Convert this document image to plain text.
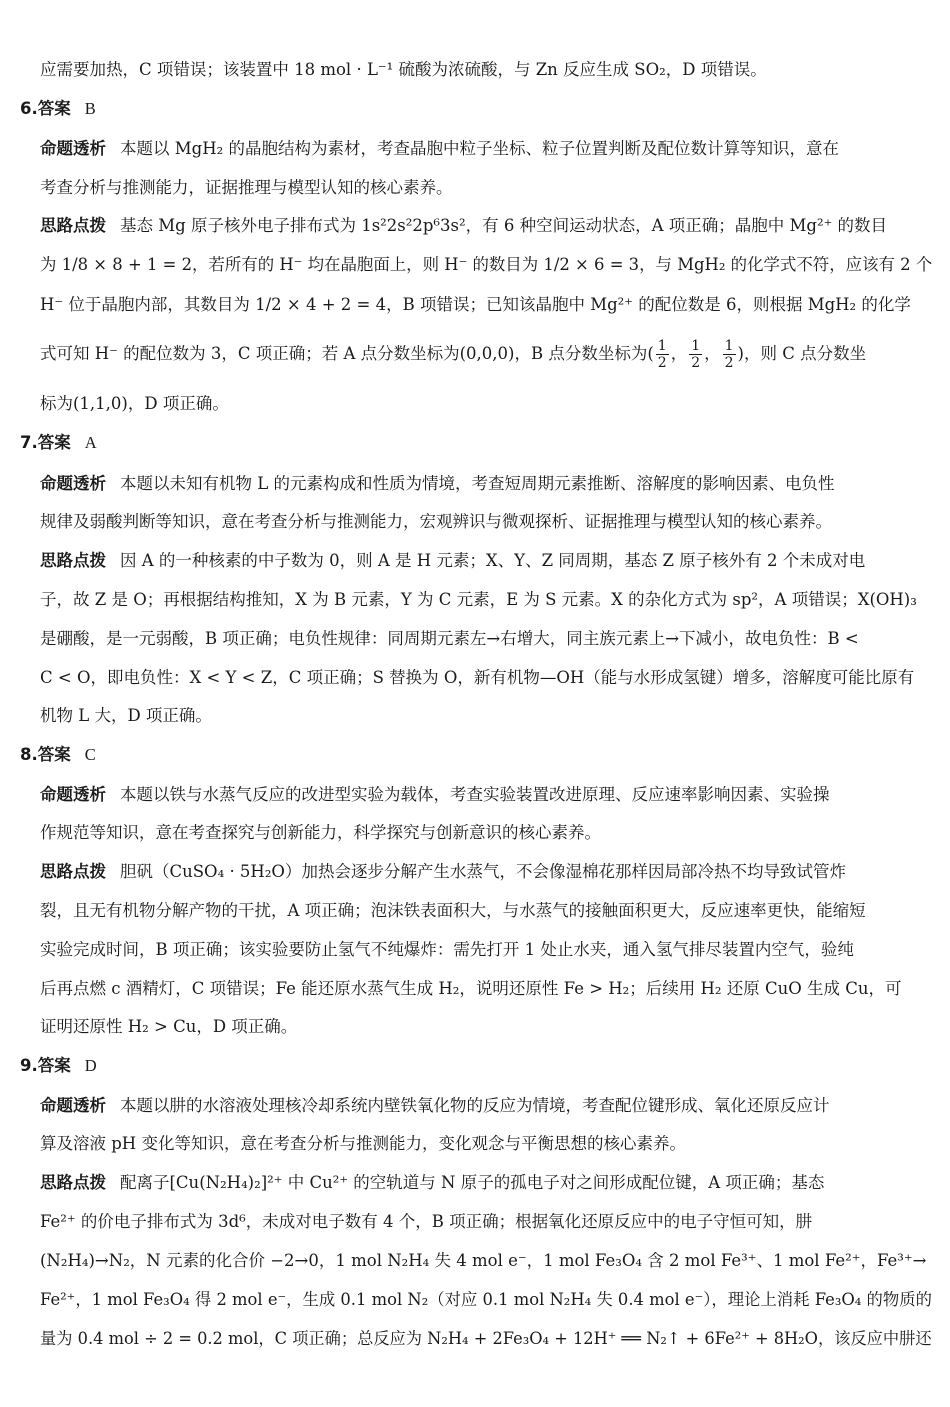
应需要加热，C 项错误；该装置中 18 mol · L⁻¹ 硫酸为浓硫酸，与 Zn 反应生成 SO₂，D 项错误。
6.答案 B
命题透析 本题以 MgH₂ 的晶胞结构为素材，考查晶胞中粒子坐标、粒子位置判断及配位数计算等知识，意在
考查分析与推测能力，证据推理与模型认知的核心素养。
思路点拨 基态 Mg 原子核外电子排布式为 1s²2s²2p⁶3s²，有 6 种空间运动状态，A 项正确；晶胞中 Mg²⁺ 的数目
为 1/8 × 8 + 1 = 2，若所有的 H⁻ 均在晶胞面上，则 H⁻ 的数目为 1/2 × 6 = 3，与 MgH₂ 的化学式不符，应该有 2 个
H⁻ 位于晶胞内部，其数目为 1/2 × 4 + 2 = 4，B 项错误；已知该晶胞中 Mg²⁺ 的配位数是 6，则根据 MgH₂ 的化学
式可知 H⁻ 的配位数为 3，C 项正确；若 A 点分数坐标为(0,0,0)，B 点分数坐标为( $\frac{1}{2}$ ， $\frac{1}{2}$ ， $\frac{1}{2}$ )，则 C 点分数坐
标为(1,1,0)，D 项正确。
7.答案 A
命题透析 本题以未知有机物 L 的元素构成和性质为情境，考查短周期元素推断、溶解度的影响因素、电负性
规律及弱酸判断等知识，意在考查分析与推测能力，宏观辨识与微观探析、证据推理与模型认知的核心素养。
思路点拨 因 A 的一种核素的中子数为 0，则 A 是 H 元素；X、Y、Z 同周期，基态 Z 原子核外有 2 个未成对电
子，故 Z 是 O；再根据结构推知，X 为 B 元素，Y 为 C 元素，E 为 S 元素。X 的杂化方式为 sp²，A 项错误；X(OH)₃
是硼酸，是一元弱酸，B 项正确；电负性规律：同周期元素左→右增大，同主族元素上→下减小，故电负性：B <
C < O，即电负性：X < Y < Z，C 项正确；S 替换为 O，新有机物—OH（能与水形成氢键）增多，溶解度可能比原有
机物 L 大，D 项正确。
8.答案 C
命题透析 本题以铁与水蒸气反应的改进型实验为载体，考查实验装置改进原理、反应速率影响因素、实验操
作规范等知识，意在考查探究与创新能力，科学探究与创新意识的核心素养。
思路点拨 胆矾（CuSO₄ · 5H₂O）加热会逐步分解产生水蒸气，不会像湿棉花那样因局部冷热不均导致试管炸
裂，且无有机物分解产物的干扰，A 项正确；泡沫铁表面积大，与水蒸气的接触面积更大，反应速率更快，能缩短
实验完成时间，B 项正确；该实验要防止氢气不纯爆炸：需先打开 1 处止水夹，通入氢气排尽装置内空气，验纯
后再点燃 c 酒精灯，C 项错误；Fe 能还原水蒸气生成 H₂，说明还原性 Fe > H₂；后续用 H₂ 还原 CuO 生成 Cu，可
证明还原性 H₂ > Cu，D 项正确。
9.答案 D
命题透析 本题以肼的水溶液处理核冷却系统内壁铁氧化物的反应为情境，考查配位键形成、氧化还原反应计
算及溶液 pH 变化等知识，意在考查分析与推测能力，变化观念与平衡思想的核心素养。
思路点拨 配离子[Cu(N₂H₄)₂]²⁺ 中 Cu²⁺ 的空轨道与 N 原子的孤电子对之间形成配位键，A 项正确；基态
Fe²⁺ 的价电子排布式为 3d⁶，未成对电子数有 4 个，B 项正确；根据氧化还原反应中的电子守恒可知，肼
(N₂H₄)→N₂，N 元素的化合价 −2→0，1 mol N₂H₄ 失 4 mol e⁻，1 mol Fe₃O₄ 含 2 mol Fe³⁺、1 mol Fe²⁺，Fe³⁺→
Fe²⁺，1 mol Fe₃O₄ 得 2 mol e⁻，生成 0.1 mol N₂（对应 0.1 mol N₂H₄ 失 0.4 mol e⁻），理论上消耗 Fe₃O₄ 的物质的
量为 0.4 mol ÷ 2 = 0.2 mol，C 项正确；总反应为 N₂H₄ + 2Fe₃O₄ + 12H⁺ ══ N₂↑ + 6Fe²⁺ + 8H₂O，该反应中肼还
